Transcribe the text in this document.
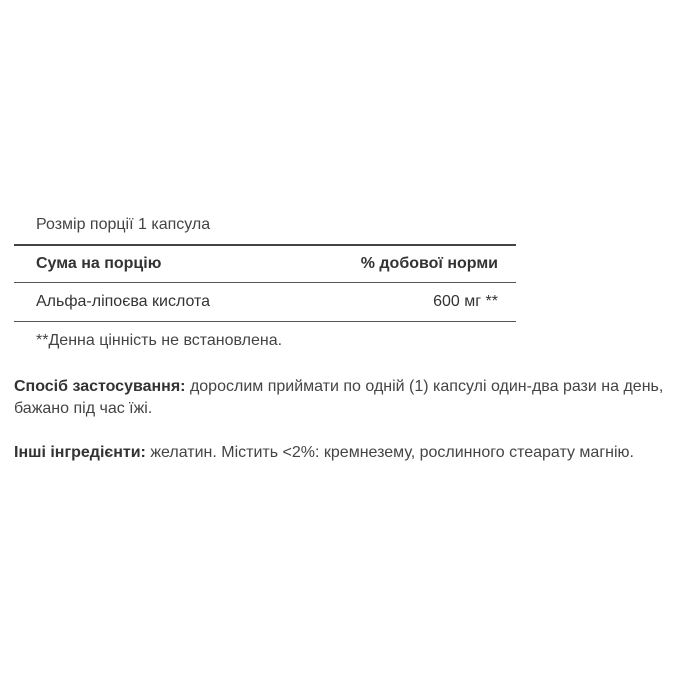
Розмір порції 1 капсула
Сума на порцію	% добової норми
Альфа-ліпоєва кислота	600 мг **
**Денна цінність не встановлена.

Спосіб застосування: дорослим приймати по одній (1) капсулі один-два рази на день, бажано під час їжі.

Інші інгредієнти: желатин. Містить <2%: кремнезему, рослинного стеарату магнію.
